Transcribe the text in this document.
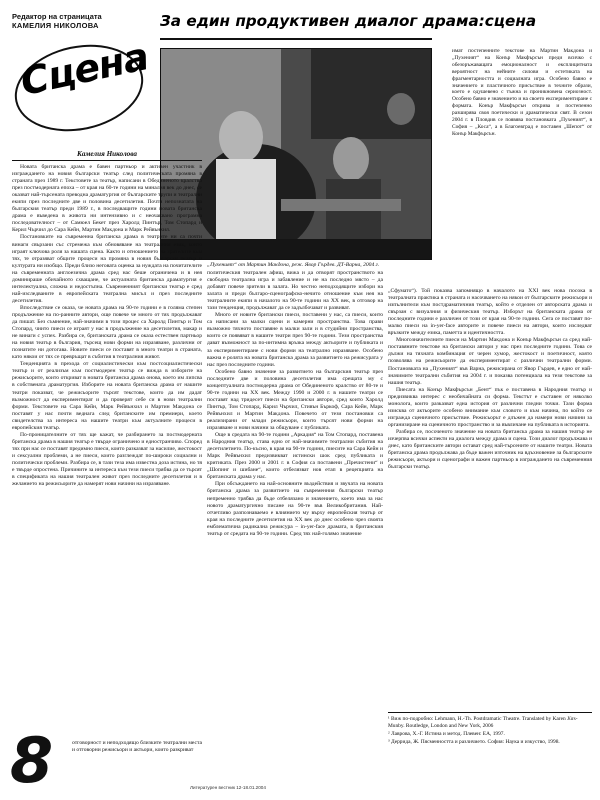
Редактор на страницата
КАМЕЛИЯ НИКОЛОВА
Сцена
За един продуктивен диалог драма:сцена
„Пухеният“ от Мартин Макдона, реж. Явор Гърдев. ДТ-Варна, 2004 г.
Камелия Николова

Новата британска драма е бавен партньор и активен участник в изграждането на новия български театър след политическата промяна в страната през 1989 г. Текстовете за театър, написани в Обединеното кралство през постмодерната епоха – от края на 60-те години на миналия век до днес, се оказват най-търсената преводна драматургия от българските трупи и театрални екипи през последните две и половина десетилетия. Почти непознатата на българския театър преди 1989 г., в последващите години новата британска драма е въведена в живота ни интензивно и с неочаквано програмна последователност – от Самюел Бекет през Харолд Пинтър, Том Стопард и Керил Чърчил до Сара Кейн, Мартин Макдона и Марк Рейвънхил.

Постановките на съвременна британска драма в театрите ни са почти винаги свързани със стремежа към обновяване на театралния език, които играят ключова роля за нашата сцена. Както и отношението на зрителите към тях, те отразяват общите процеси на промяна в новия български театър и културата ни изобщо. Преди близо неговата оценка за нуждата на почитателите на съвременната англоезична драма сред нас беше ограничена и в нея доминираше обичайното схващане, че актуалната британска драматургия е интелектуална, сложна и недостъпна. Съвременният британски театър е сред най-изследваните в европейската театрална мисъл и през последните десетилетия.

Впоследствие се оказа, че новата драма на 90-те години е в голяма степен продължение на по-ранните автори, още повече че много от тях продължават да пишат. Без съмнение, най-значими в този процес са Харолд Пинтър и Том Стопард, чиито пиеси се играят у нас в продължение на десетилетия, макар и не винаги с успех. Разбира се, британската драма се оказа естествен партньор на новия театър в българия, търсещ нови форми на изразяване, различни от познатите ни дотогава. Новите пиеси се поставят в много театри в страната, като някои от тях се превръщат в събития в театралния живот.

Тенденцията в прехода от социалистически към постсоциалистически театър и от реализъм към постмодерен театър се вижда в изборите на режисьорите, които откриват в новата британска драма онова, което им липсва в собствената драматургия. Изборите на новата британска драма от нашите театри показват, че режисьорите търсят текстове, които да им дадат възможност да експериментират и да проверят себе си в нови театрални форми. Текстовете на Сара Кейн, Марк Рейвънхил и Мартин Макдона се поставят у нас почти веднага след британските им премиери, което свидетелства за интереса на нашите театри към актуалните процеси в европейския театър.

По-проницателните от тях ще кажат, че разбирането за постмодерната британска драма в нашия театър е твърде ограничено и едностранчиво. Според тях при нас се поставят предимно пиеси, които разказват за насилие, жестокост и сексуални проблеми, а не пиеси, които разглеждат по-широки социални и политически проблеми. Разбира се, в тази теза има известна доза истина, но тя е твърде опростена. Причините за интереса към тези пиеси трябва да се търсят в спецификата на нашия театрален живот през последните десетилетия и в желанието на режисьорите да намерят нови начини на изразяване.

политическия театрален афиш, вижа и да отворят пространството на свободна театрална игра и забавление и не на последно място – да добавят повече зрители в залата. Но честно неподходящите избори на залата и преди българо-сценографско-нечито отношение към нея на театралните екипи в началото на 90-те години на XX век, в отговор на тази тенденция, продължават да се задълбочават и развиват.

Много от новите британски пиеси, поставени у нас, са пиеси, които са написани за малки сцени и камерни пространства. Това прави възможно тяхното поставяне в малки зали и в студийни пространства, които се появяват в нашите театри през 90-те години. Тези пространства дават възможност за по-интимна връзка между актьорите и публиката и за експериментиране с нови форми на театрално изразяване. Особено важна е ролята на новата британска драма за развитието на режисурата у нас през последните години.

Особено бавно значение за развитието на българския театър през последните две и половина десетилетия има срещата му с концептуалната постмодерна драма от Обединеното кралство от 80-те и 90-те години на XX век. Между 1990 и 2000 г. в нашите театри се поставят над тридесет пиеси на британски автори, сред които Харолд Пинтър, Том Стопард, Карил Чърчил, Стивън Бъркоф, Сара Кейн, Марк Рейвънхил и Мартин Макдона. Повечето от тези постановки са реализирани от млади режисьори, които търсят нови форми на изразяване и нови начини за общуване с публиката.

Още в средата на 90-те години „Аркадия“ на Том Стопард, поставена в Народния театър, става едно от най-значимите театрални събития на десетилетието. По-късно, в края на 90-те години, пиесите на Сара Кейн и Марк Рейвънхил предизвикват истински шок сред публиката и критиката. През 2000 и 2001 г. в София са поставени „Пречистени“ и „Шопинг и шибане“, които отбелязват нов етап в рецепцията на британската драма у нас.

При обсъждането на най-основните въздействия и звучата на новата британска драма за развитието на съвременния български театър непременно трябва да бъде отбелязано и значението, което има за нас новото драматургично писане на 90-те във Великобритания. Най-отчетливо разпознаваемо е влиянието му върху европейския театър от края на последните десетилетия на XX век до днес особено чрез своята емблематична радикална режисура – in-yer-face драмата, в британския театър от средата на 90-те години. Сред тях най-голямо значение

имат постепенните текстове на Мартин Макдона и „Пухеният“ на Конър Макфърсън преди всичко с обезоръжаващата емоционалност и експлицитната вероятност на нейните силови и естетиката на фрагментарността и социалната игра. Особено бавно е значението и пластичното присъствие в техните образи, което е одушевено с тъжна и проникновена сериозност. Особено бавно е значението и на своето експериментиране с формата. Конър Макфърсън открива и постепенно разширява своя поетически и драматически свят. В сезон 2004 г. в Пловдив се появява постановката „Пухеният“, в София – „Коса“, а в Благоевград е поставен „Шепот“ от Конър Макфърсън.

„Сфумато“). Той показва запомнящо в началото на XXI век нова посока в театралната практика в страната и насочването на някои от българските режисьори и изпълнители към постдраматичния театър, който е отделен от авторската драма и свързан с визуалния и физическия театър. Изборът на британската драма от последните години е различен от този от края на 90-те години. Сега се поставят по-малко пиеси на in-yer-face авторите и повече пиеси на автори, които изследват връзките между езика, паметта и идентичността.

Многозначителните пиеси на Мартин Макдона и Конър Макфърсън са сред най-поставяните текстове на британски автори у нас през последните години. Това се дължи на тяхната комбинация от черен хумор, жестокост и поетичност, която позволява на режисьорите да експериментират с различни театрални форми. Постановката на „Пухеният“ във Варна, режисирана от Явор Гърдев, е едно от най-значимите театрални събития на 2004 г. и показва потенциала на тези текстове за нашия театър.

Пиесата на Конър Макфърсън „Бент“ пък е поставена в Народния театър и предизвиква интерес с необичайната си форма. Текстът е съставен от няколко монолога, които разказват една история от различни гледни точки. Тази форма изисква от актьорите особено внимание към словото и към начина, по който се изгражда сценичното присъствие. Режисьорът е длъжен да намери нови начини за организиране на сценичното пространство и за въвличане на публиката в историята.

Разбира се, посоченото значение на новата британска драма за нашия театър не изчерпва всички аспекти на диалога между драма и сцена. Този диалог продължава и днес, като британските автори остават сред най-търсените от нашите театри. Новата британска драма продължава да бъде важен източник на вдъхновение за българските режисьори, актьори и сценографи и важен партньор в изграждането на съвременния български театър.

отговорност и неподходящо близките театрални места и отговорни режисьори и актьори, които разкриват
8

¹ Виж по-подробно: Lehmann, H.-Th. Postdramatic Theatre. Translated by Karen Jürs-Munby. Routledge, London and New York, 2006

² Лаврова, Х.-Г. Истина и метод. Плевен: ЕА, 1997.

³ Деррида, Ж. Пясменността и различието. София: Наука и изкуство, 1998.

Литературен вестник 12-18.01.2004
